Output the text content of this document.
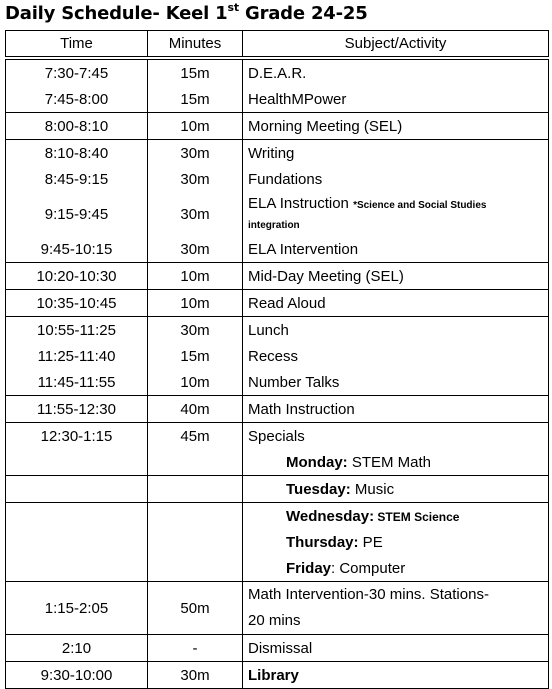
Daily Schedule- Keel 1st Grade 24-25
Time	Minutes	Subject/Activity

7:30-7:45	15m	D.E.A.R.
7:45-8:00	15m	HealthMPower
8:00-8:10	10m	Morning Meeting (SEL)
8:10-8:40	30m	Writing
8:45-9:15	30m	Fundations
9:15-9:45	30m	ELA Instruction *Science and Social Studies
integration
9:45-10:15	30m	ELA Intervention
10:20-10:30	10m	Mid-Day Meeting (SEL)
10:35-10:45	10m	Read Aloud
10:55-11:25	30m	Lunch
11:25-11:40	15m	Recess
11:45-11:55	10m	Number Talks
11:55-12:30	40m	Math Instruction
12:30-1:15	45m	Specials
		Monday: STEM Math
		Tuesday: Music
		Wednesday: STEM Science
		Thursday: PE
		Friday: Computer
1:15-2:05	50m	Math Intervention-30 mins. Stations-
20 mins
2:10	-	Dismissal
9:30-10:00	30m	Library
